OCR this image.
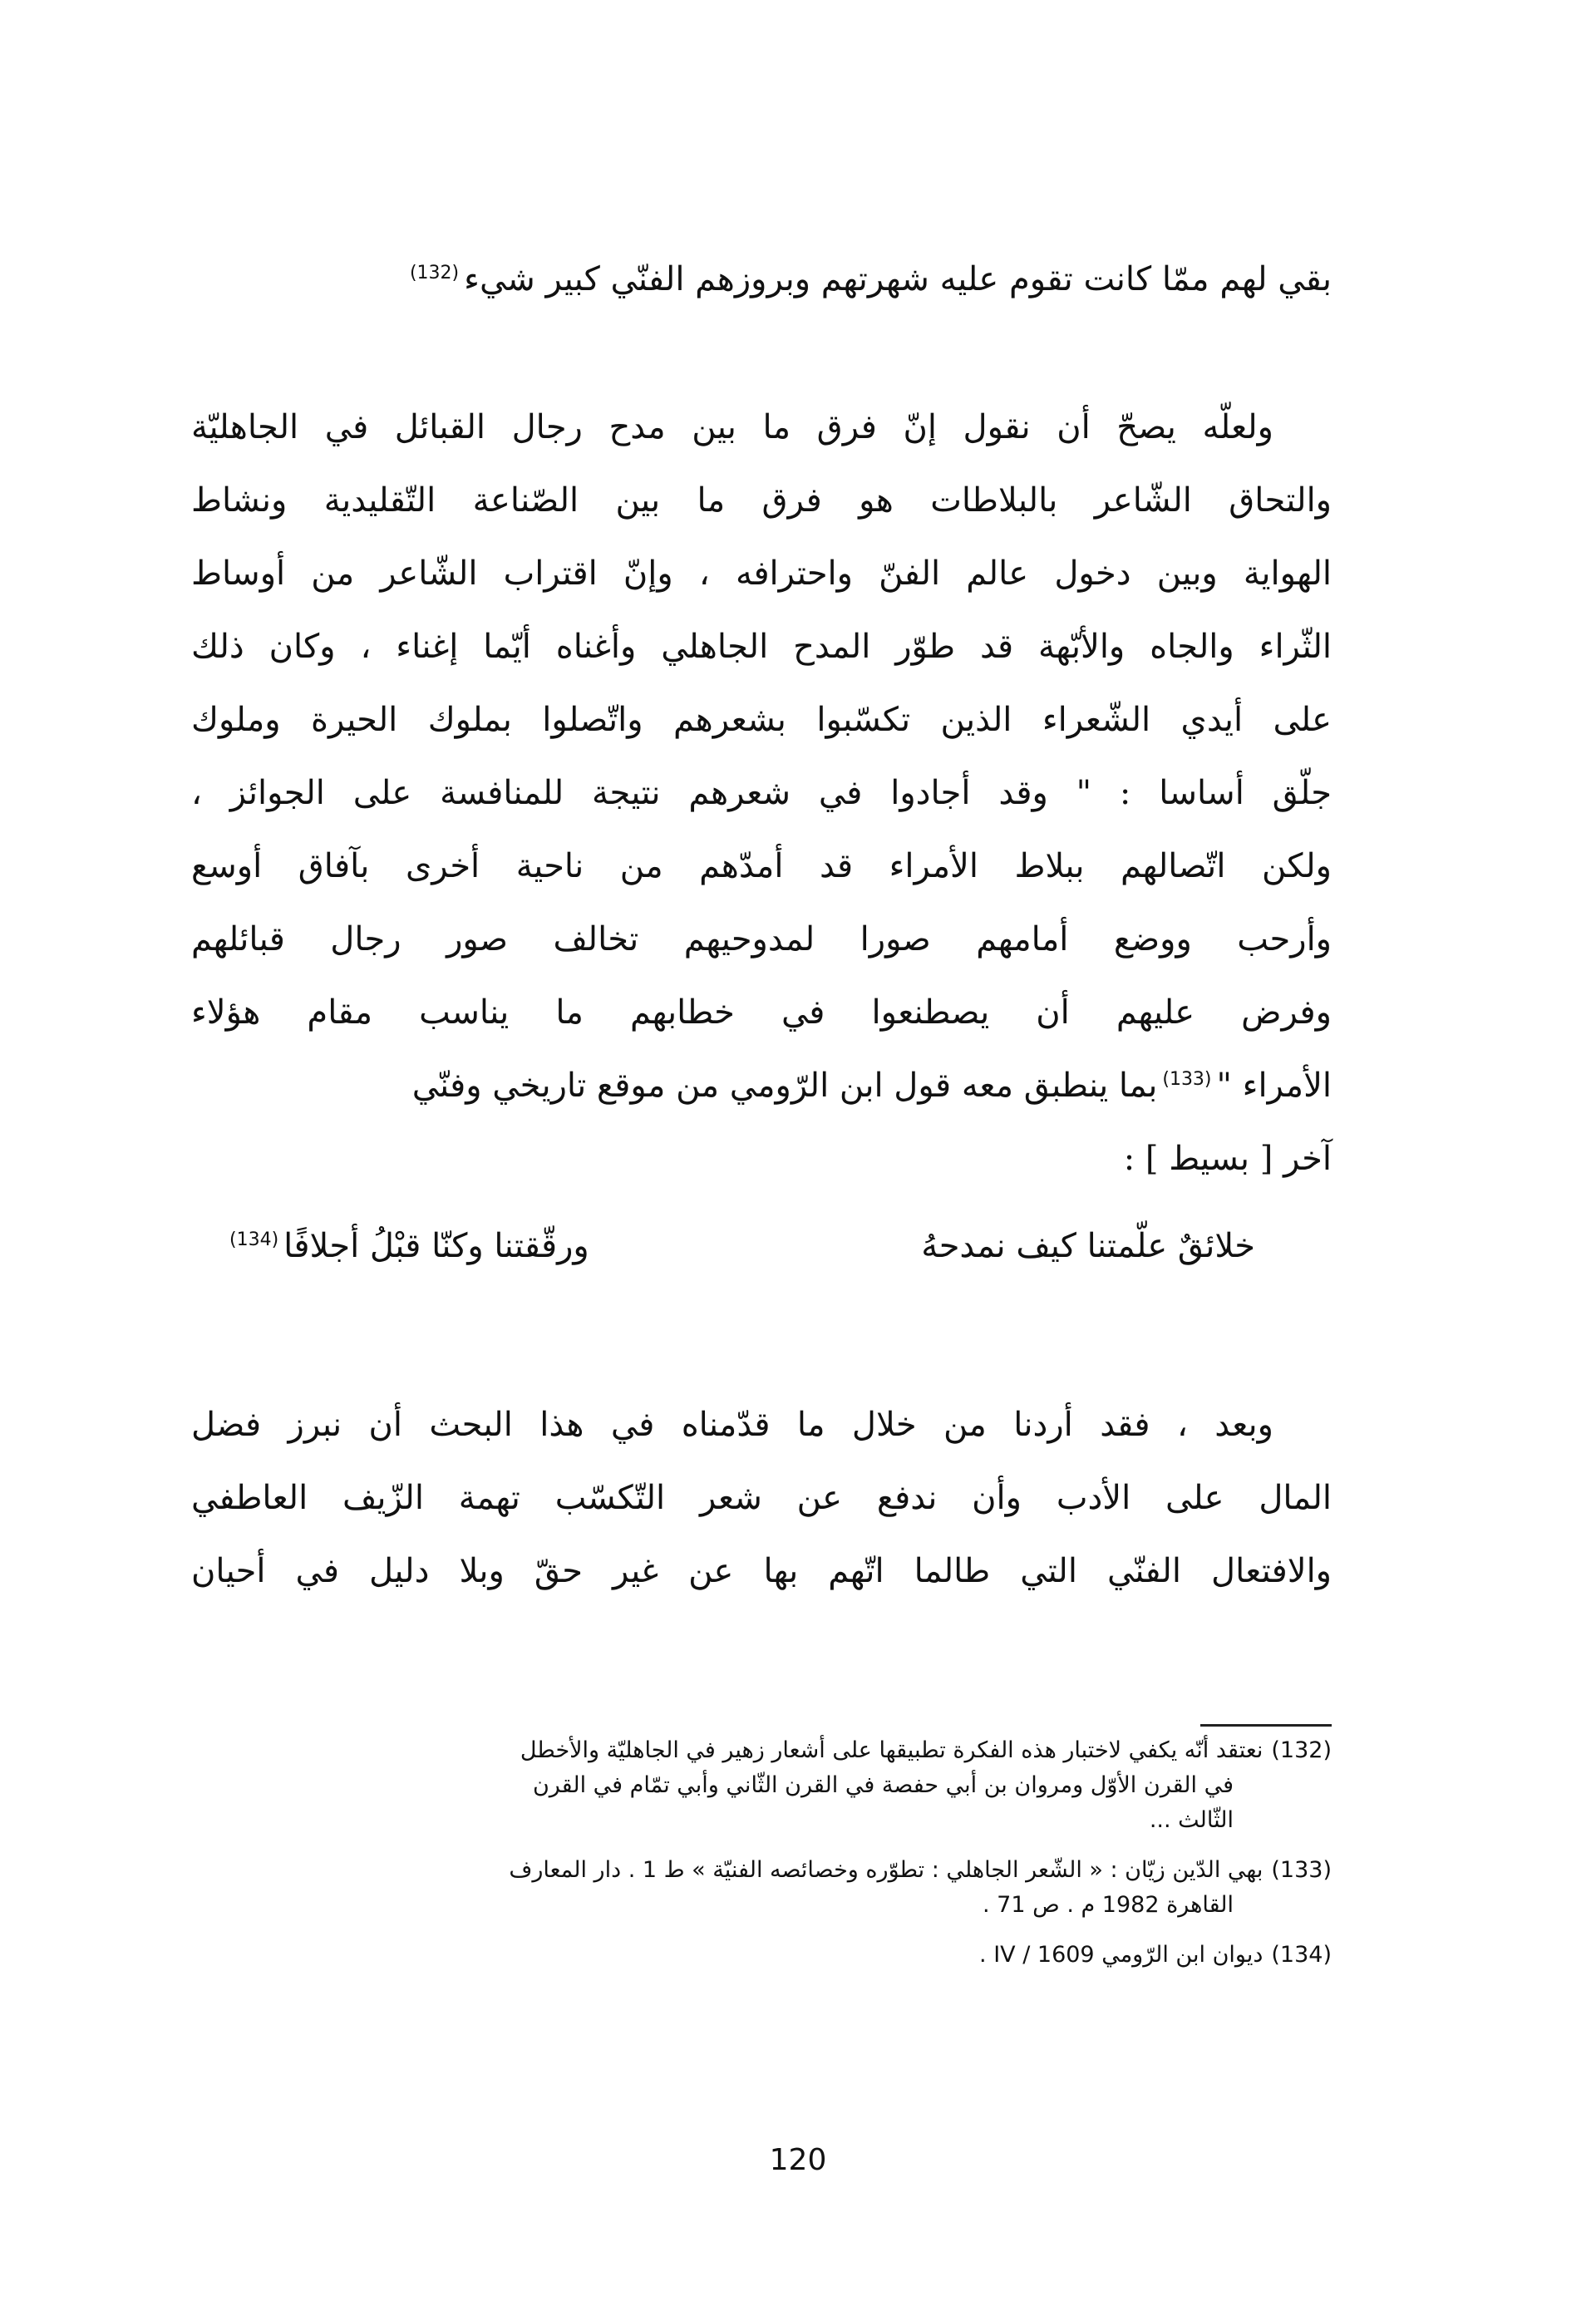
بقي لهم ممّا كانت تقوم عليه شهرتهم وبروزهم الفنّي كبير شيء(132)
ولعلّه يصحّ أن نقول إنّ فرق ما بين مدح رجال القبائل في الجاهليّة
والتحاق الشّاعر بالبلاطات هو فرق ما بين الصّناعة التّقليدية ونشاط
الهواية وبين دخول عالم الفنّ واحترافه ، وإنّ اقتراب الشّاعر من أوساط
الثّراء والجاه والأبّهة قد طوّر المدح الجاهلي وأغناه أيّما إغناء ، وكان ذلك
على أيدي الشّعراء الذين تكسّبوا بشعرهم واتّصلوا بملوك الحيرة وملوك
جلّق أساسا : " وقد أجادوا في شعرهم نتيجة للمنافسة على الجوائز ،
ولكن اتّصالهم ببلاط الأمراء قد أمدّهم من ناحية أخرى بآفاق أوسع
وأرحب ووضع أمامهم صورا لمدوحيهم تخالف صور رجال قبائلهم
وفرض عليهم أن يصطنعوا في خطابهم ما يناسب مقام هؤلاء
الأمراء "(133)بما ينطبق معه قول ابن الرّومي من موقع تاريخي وفنّي
آخر [ بسيط ] :
خلائقٌ علّمتنا كيف نمدحهُ
ورقّقتنا وكنّا قبْلُ أجلافًا(134)
وبعد ، فقد أردنا من خلال ما قدّمناه في هذا البحث أن نبرز فضل
المال على الأدب وأن ندفع عن شعر التّكسّب تهمة الزّيف العاطفي
والافتعال الفنّي التي طالما اتّهم بها عن غير حقّ وبلا دليل في أحيان
(132)نعتقد أنّه يكفي لاختبار هذه الفكرة تطبيقها على أشعار زهير في الجاهليّة والأخطل
في القرن الأوّل ومروان بن أبي حفصة في القرن الثّاني وأبي تمّام في القرن
الثّالث ...
(133)بهي الدّين زيّان : « الشّعر الجاهلي : تطوّره وخصائصه الفنيّة » ط 1 . دار المعارف
القاهرة 1982 م . ص 71 .
(134)ديوان ابن الرّومي IV / 1609 .
120
